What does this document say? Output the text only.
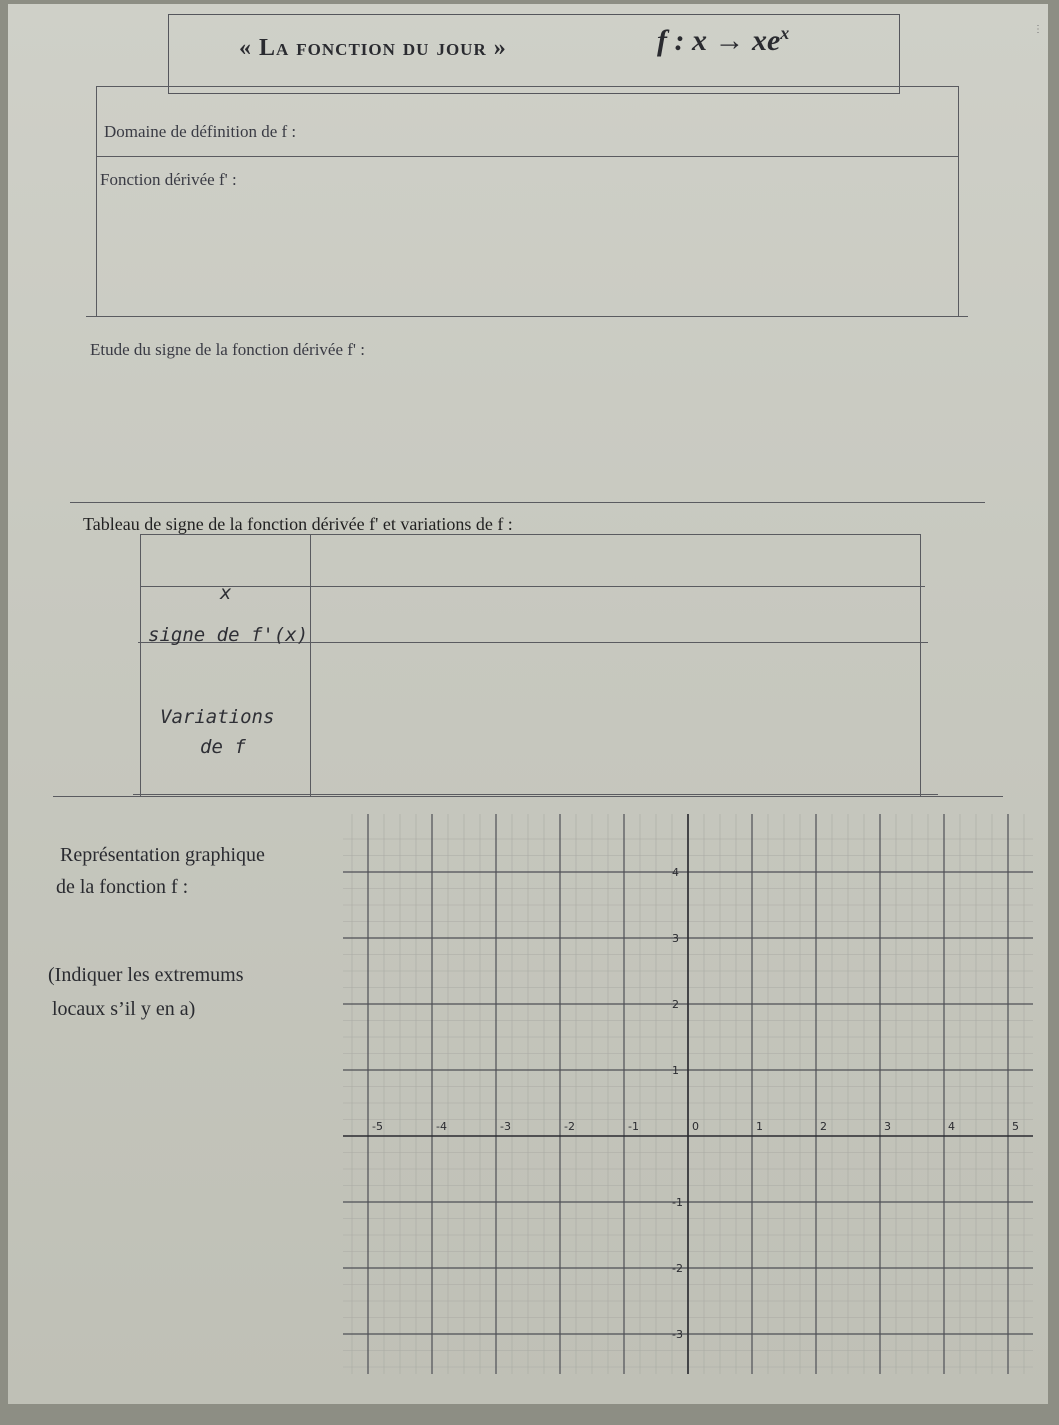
⋮
« La fonction du jour »	f : $x \to xe^x$
Domaine de définition de f :
Fonction dérivée f' :
Etude du signe de la fonction dérivée f' :
Tableau de signe de la fonction dérivée f' et variations de f :
x
signe de f'(x)
Variations
de f
Représentation graphique
de la fonction f :
(Indiquer les extremums
locaux s’il y en a)
-5	-4	-3	-2	-1	0	1	2	3	4	5
-3
-2
-1
1
2
3
4
